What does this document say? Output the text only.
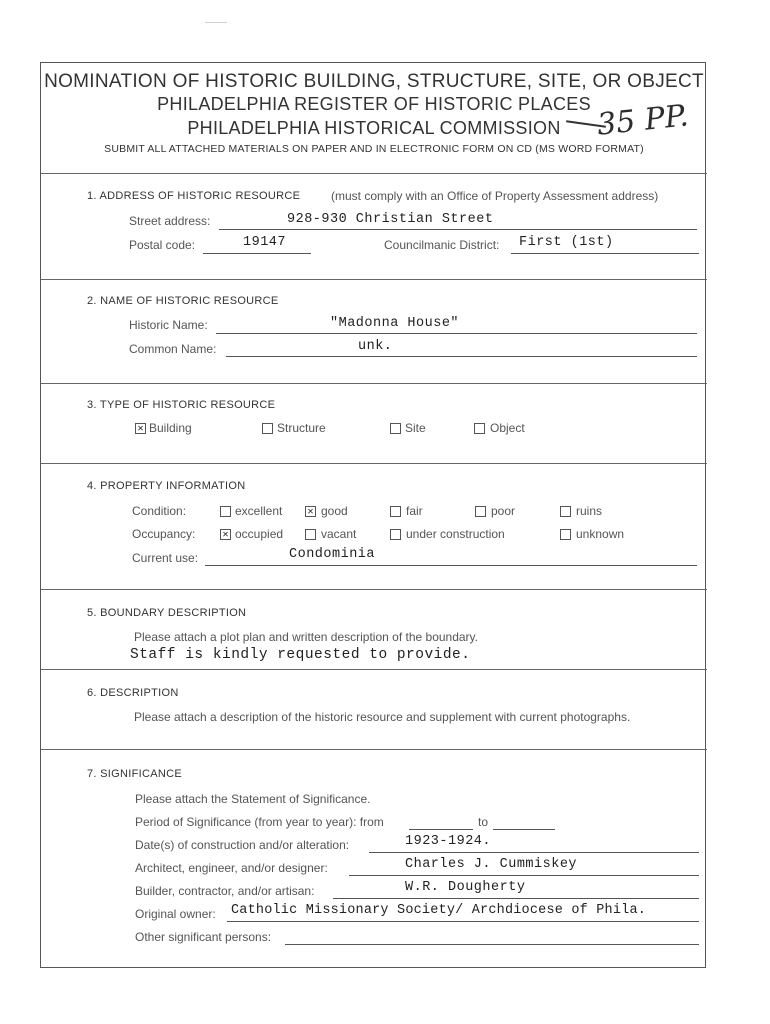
NOMINATION OF HISTORIC BUILDING, STRUCTURE, SITE, OR OBJECT
PHILADELPHIA REGISTER OF HISTORIC PLACES
PHILADELPHIA HISTORICAL COMMISSION
SUBMIT ALL ATTACHED MATERIALS ON PAPER AND IN ELECTRONIC FORM ON CD (MS WORD FORMAT)
35 PP.
1. ADDRESS OF HISTORIC RESOURCE	(must comply with an Office of Property Assessment address)
Street address:	928-930 Christian Street
Postal code:	19147	Councilmanic District: First (1st)
2. NAME OF HISTORIC RESOURCE
Historic Name:	"Madonna House"
Common Name:	unk.
3. TYPE OF HISTORIC RESOURCE
✕ Building	Structure	Site	Object
4. PROPERTY INFORMATION
Condition:	excellent	✕ good	fair	poor	ruins
Occupancy:	✕ occupied	vacant	under construction	unknown
Current use:	Condominia
5. BOUNDARY DESCRIPTION
Please attach a plot plan and written description of the boundary.
Staff is kindly requested to provide.
6. DESCRIPTION
Please attach a description of the historic resource and supplement with current photographs.
7. SIGNIFICANCE
Please attach the Statement of Significance.
Period of Significance (from year to year): from	to
Date(s) of construction and/or alteration:	1923-1924.
Architect, engineer, and/or designer:	Charles J. Cummiskey
Builder, contractor, and/or artisan:	W.R. Dougherty
Original owner: Catholic Missionary Society/ Archdiocese of Phila.
Other significant persons:
